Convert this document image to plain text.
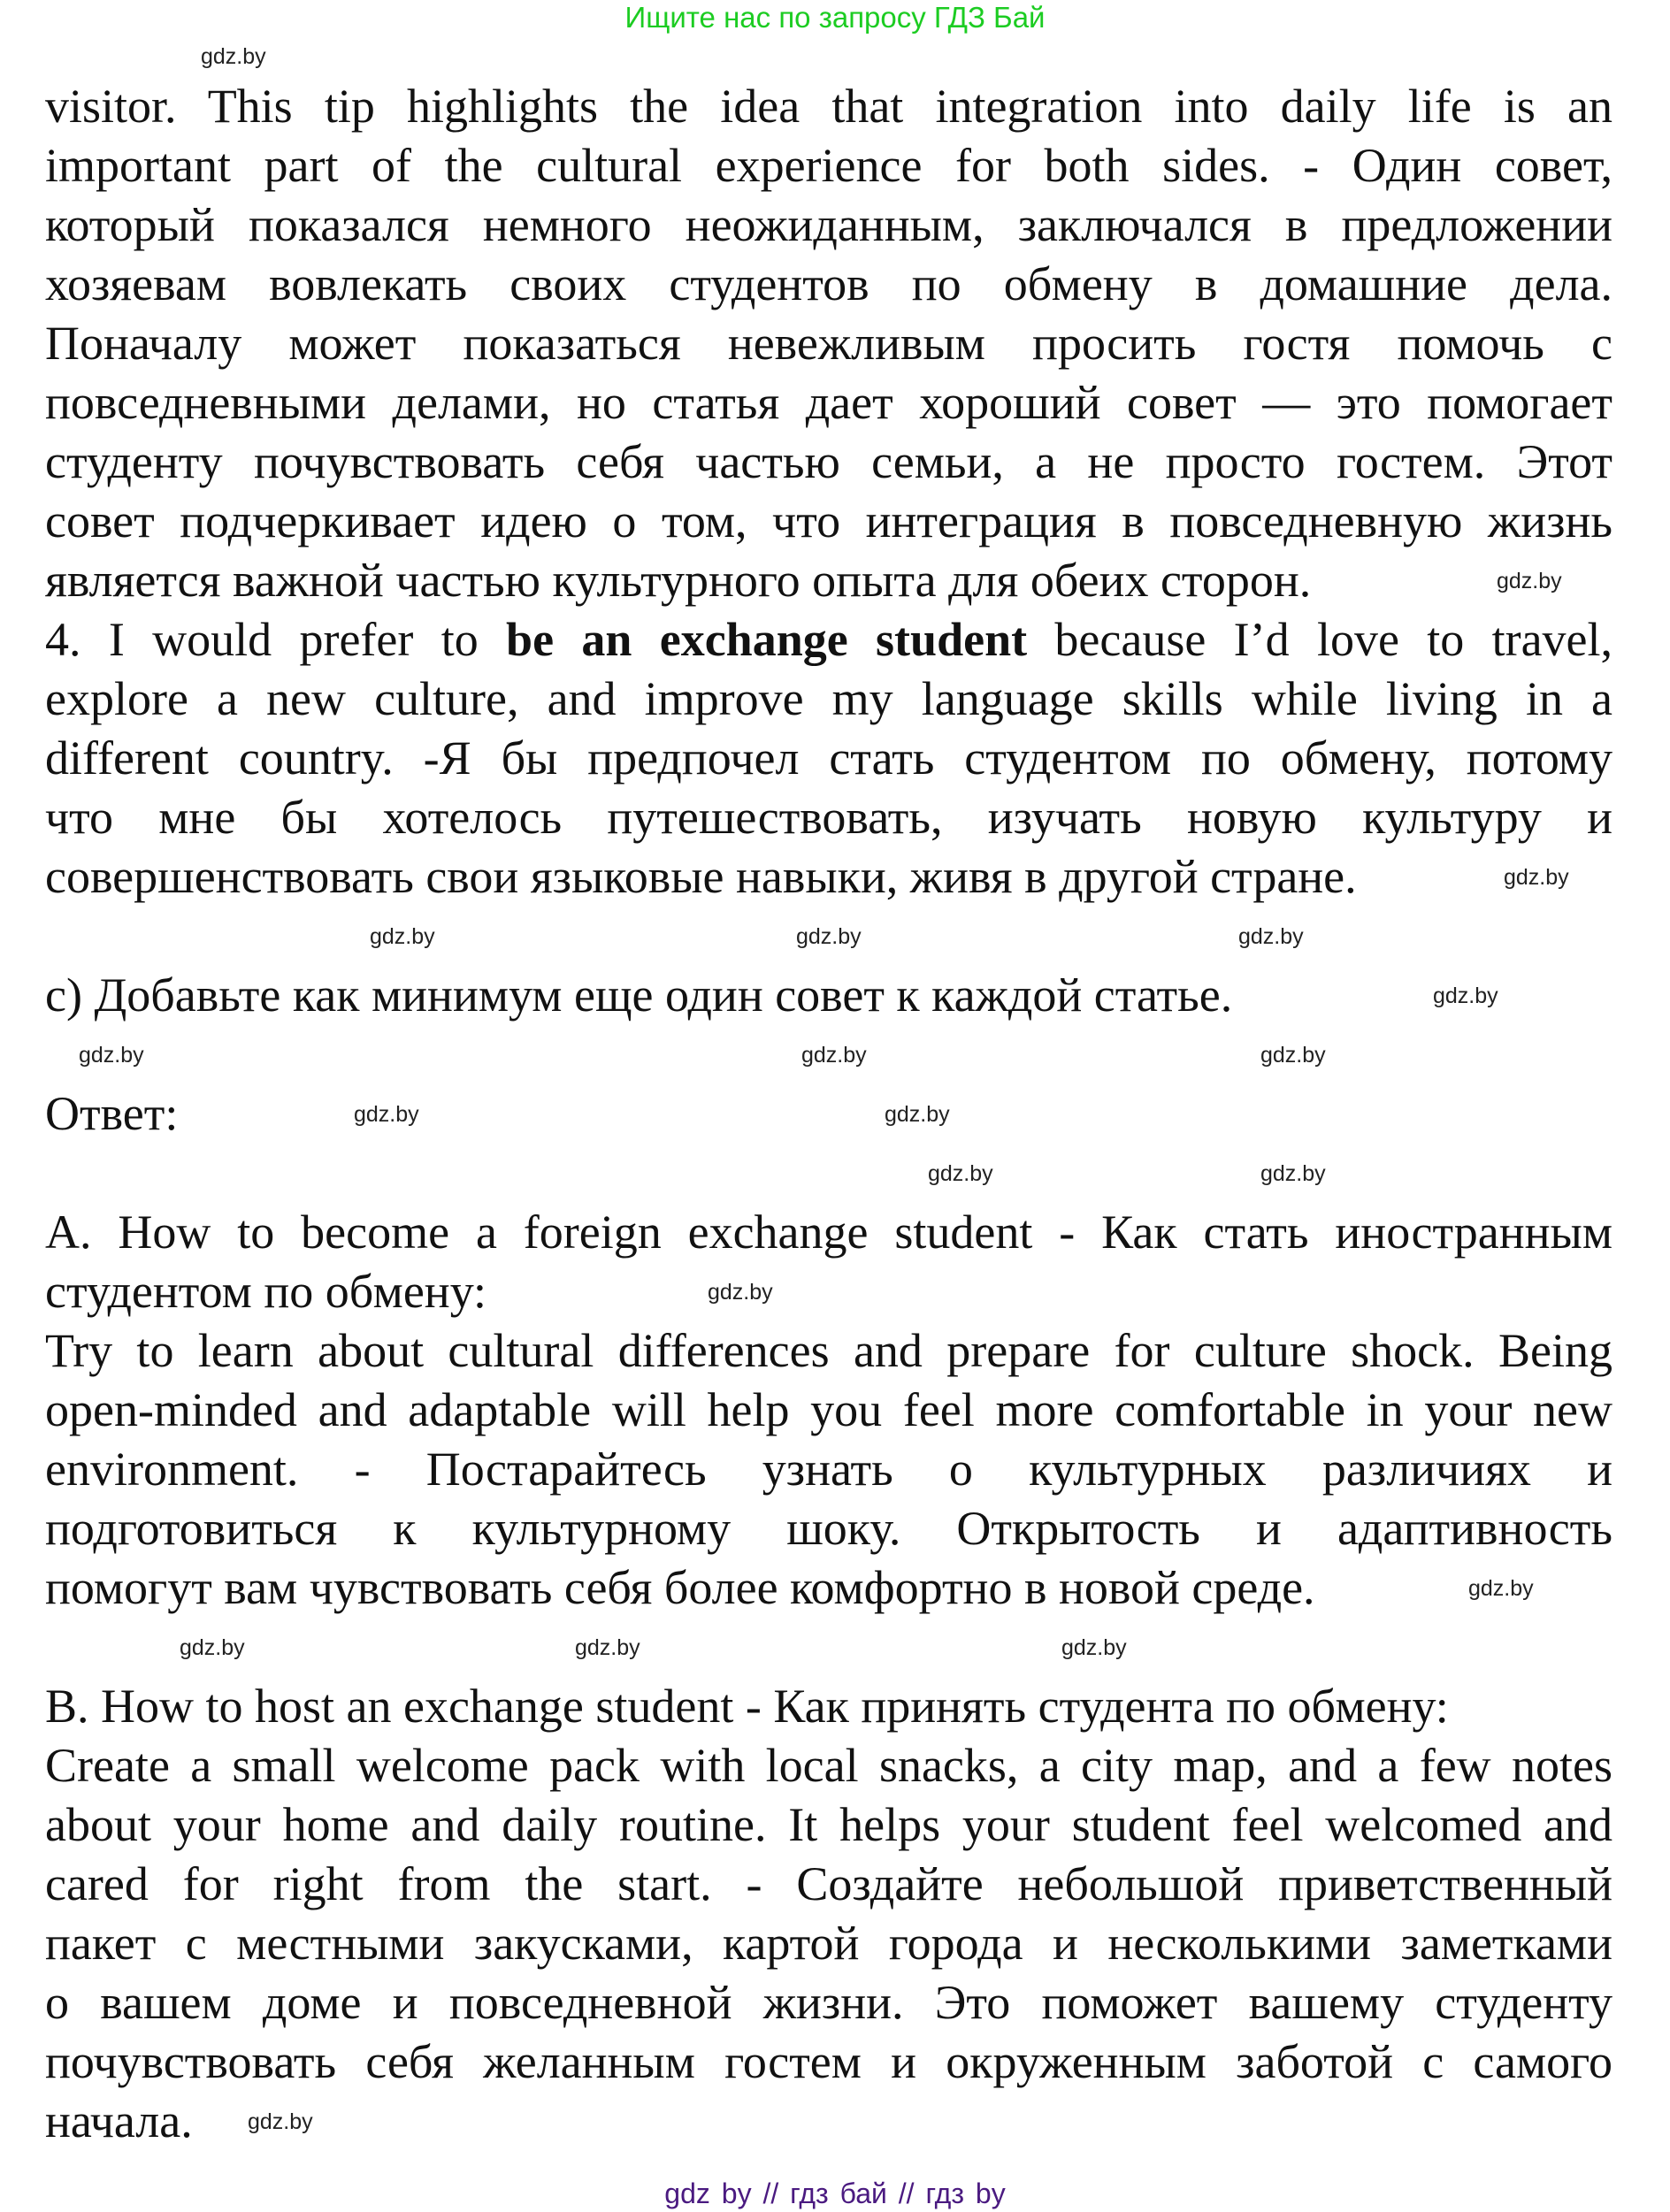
Ищите нас по запросу ГДЗ Бай
visitor. This tip highlights the idea that integration into daily life is an
important part of the cultural experience for both sides. - Один совет,
который показался немного неожиданным, заключался в предложении
хозяевам вовлекать своих студентов по обмену в домашние дела.
Поначалу может показаться невежливым просить гостя помочь с
повседневными делами, но статья дает хороший совет — это помогает
студенту почувствовать себя частью семьи, а не просто гостем. Этот
совет подчеркивает идею о том, что интеграция в повседневную жизнь
является важной частью культурного опыта для обеих сторон.
4. I would prefer to be an exchange student because I’d love to travel,
explore a new culture, and improve my language skills while living in a
different country. -Я бы предпочел стать студентом по обмену, потому
что мне бы хотелось путешествовать, изучать новую культуру и
совершенствовать свои языковые навыки, живя в другой стране.
c) Добавьте как минимум еще один совет к каждой статье.
Ответ:
A. How to become a foreign exchange student - Как стать иностранным
студентом по обмену:
Try to learn about cultural differences and prepare for culture shock. Being
open-minded and adaptable will help you feel more comfortable in your new
environment. - Постарайтесь узнать о культурных различиях и
подготовиться к культурному шоку. Открытость и адаптивность
помогут вам чувствовать себя более комфортно в новой среде.
B. How to host an exchange student - Как принять студента по обмену:
Create a small welcome pack with local snacks, a city map, and a few notes
about your home and daily routine. It helps your student feel welcomed and
cared for right from the start. - Создайте небольшой приветственный
пакет с местными закусками, картой города и несколькими заметками
о вашем доме и повседневной жизни. Это поможет вашему студенту
почувствовать себя желанным гостем и окруженным заботой с самого
начала.
gdz.by
gdz.by
gdz.by
gdz.by	gdz.by	gdz.by
gdz.by
gdz.by	gdz.by	gdz.by
gdz.by	gdz.by
gdz.by	gdz.by
gdz.by
gdz.by
gdz.by	gdz.by	gdz.by
gdz.by
gdz by // гдз бай // гдз by
